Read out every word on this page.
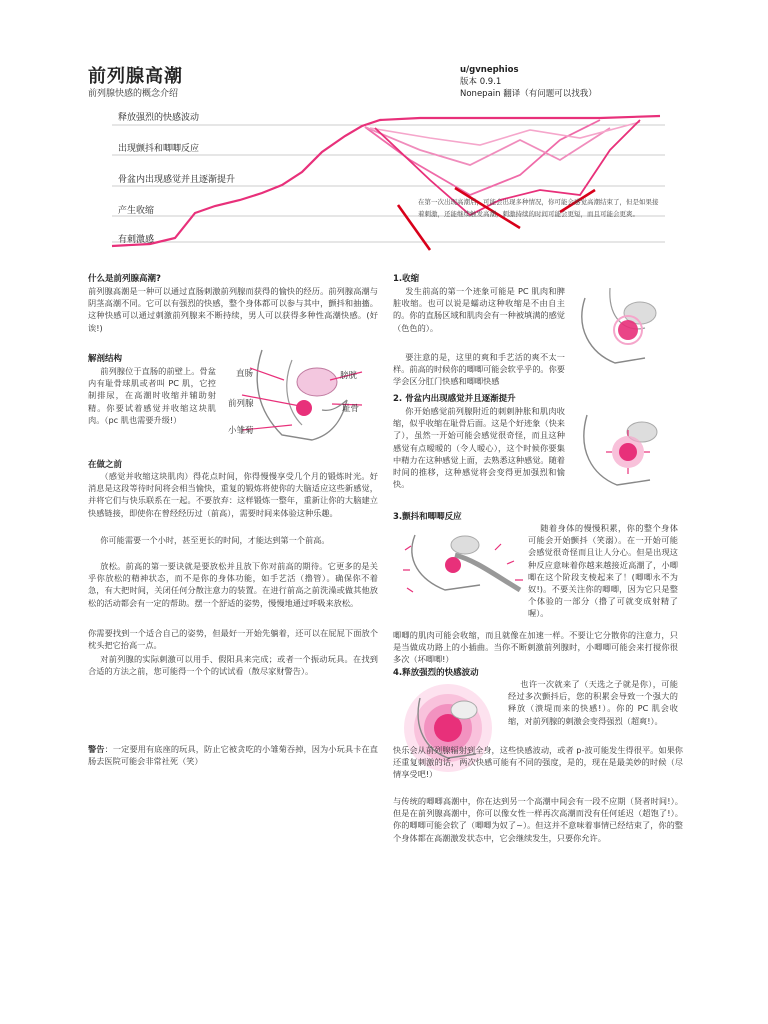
前列腺高潮
前列腺快感的概念介绍
u/gvnephios
版本 0.9.1
Nonepain 翻译（有问题可以找我）
释放强烈的快感波动
出现颤抖和唧唧反应
骨盆内出现感觉并且逐渐提升
产生收缩
有刺激感
在第一次出现高潮后，可能会出现多种情况，你可能会感觉高潮结束了，但是如果接着刺激，还能继续触发高潮，刺激持续的时间可能会更短，而且可能会更爽。
什么是前列腺高潮?
前列腺高潮是一种可以通过直肠刺激前列腺而获得的愉快的经历。前列腺高潮与阴茎高潮不同。它可以有强烈的快感，整个身体都可以参与其中，颤抖和抽搐。这种快感可以通过刺激前列腺来不断持续，男人可以获得多种性高潮快感。(好诶!)
解剖结构
前列腺位于直肠的前壁上。骨盆内有耻骨球肌或者叫 PC 肌，它控制排尿，在高潮时收缩并辅助射精。你要试着感觉并收缩这块肌肉。（pc 肌也需要升级!）
直肠	膀胱
前列腺	耻骨
小雏菊
在做之前
（感觉并收缩这块肌肉）得花点时间，你得慢慢享受几个月的锻炼时光。好消息是这段等待时间将会相当愉快，重复的锻炼将使你的大脑适应这些新感觉，并将它们与快乐联系在一起。不要放弃：这样锻炼一整年，重新让你的大脑建立快感链接，即使你在曾经经历过（前高），需要时间来体验这种乐趣。
你可能需要一个小时，甚至更长的时间，才能达到第一个前高。
放松。前高的第一要诀就是要放松并且放下你对前高的期待。它更多的是关乎你放松的精神状态，而不是你的身体功能，如手艺活（撸管）。确保你不着急，有大把时间，关闭任何分散注意力的装置。在进行前高之前洗澡或做其他放松的活动都会有一定的帮助。摆一个舒适的姿势，慢慢地通过呼吸来放松。
你需要找到一个适合自己的姿势，但最好一开始先躺着，还可以在屁屁下面放个枕头把它抬高一点。
对前列腺的实际刺激可以用手、假阳具来完成；或者一个振动玩具。在找到合适的方法之前，您可能得一个个的试试看（散尽家财警告）。
警告：一定要用有底座的玩具，防止它被贪吃的小雏菊吞掉，因为小玩具卡在直肠去医院可能会非常社死（笑）
1.收缩
发生前高的第一个迹象可能是 PC 肌肉和脾脏收缩。也可以说是蠕动这种收缩是不由自主的。你的直肠区域和肌肉会有一种被填满的感觉（色色的）。
要注意的是，这里的爽和手艺活的爽不太一样。前高的时候你的唧唧可能会软乎乎的。你要学会区分肛门快感和唧唧快感
2. 骨盆内出现感觉并且逐渐提升
你开始感觉前列腺附近的刺刺肿胀和肌肉收缩，似乎收缩在耻骨后面。这是个好迹象（快来了），虽然一开始可能会感觉很奇怪，而且这种感觉有点暧暧的（令人暧心），这个时候你要集中精力在这种感觉上面，去熟悉这种感觉。随着时间的推移，这种感觉将会变得更加强烈和愉快。
3.颤抖和唧唧反应
随着身体的慢慢积累，你的整个身体可能会开始颤抖（笑溺）。在一开始可能会感觉很奇怪而且让人分心。但是出现这种反应意味着你越来越接近高潮了，小唧唧在这个阶段支棱起来了！(唧唧永不为奴!)。不要关注你的唧唧，因为它只是整个体验的一部分（撸了可就变成射精了喔）。
唧唧的肌肉可能会收缩，而且就像在加速一样。不要让它分散你的注意力，只是当做成功路上的小插曲。当你不断刺激前列腺时，小唧唧可能会来打搅你很多次（坏唧唧!）
4.释放强烈的快感波动
也许一次就来了（天选之子就是你），可能经过多次颤抖后，您的积累会导致一个强大的释放（溃堤而来的快感!）。你的 PC 肌会收缩，对前列腺的刺激会变得强烈（超爽!）。
快乐会从前列腺辐射到全身，这些快感波动，或者 p-波可能发生得很平。如果你还重复刺激的话，两次快感可能有不同的强度，是的，现在是最美妙的时候（尽情享受吧!）
与传统的唧唧高潮中，你在达到另一个高潮中间会有一段不应期（贤者时间!）。但是在前列腺高潮中，你可以像女性一样再次高潮而没有任何延迟（超饱了!）。你的唧唧可能会软了（唧唧为奴了~）。但这并不意味着事情已经结束了，你的整个身体都在高潮激发状态中，它会继续发生，只要你允许。
